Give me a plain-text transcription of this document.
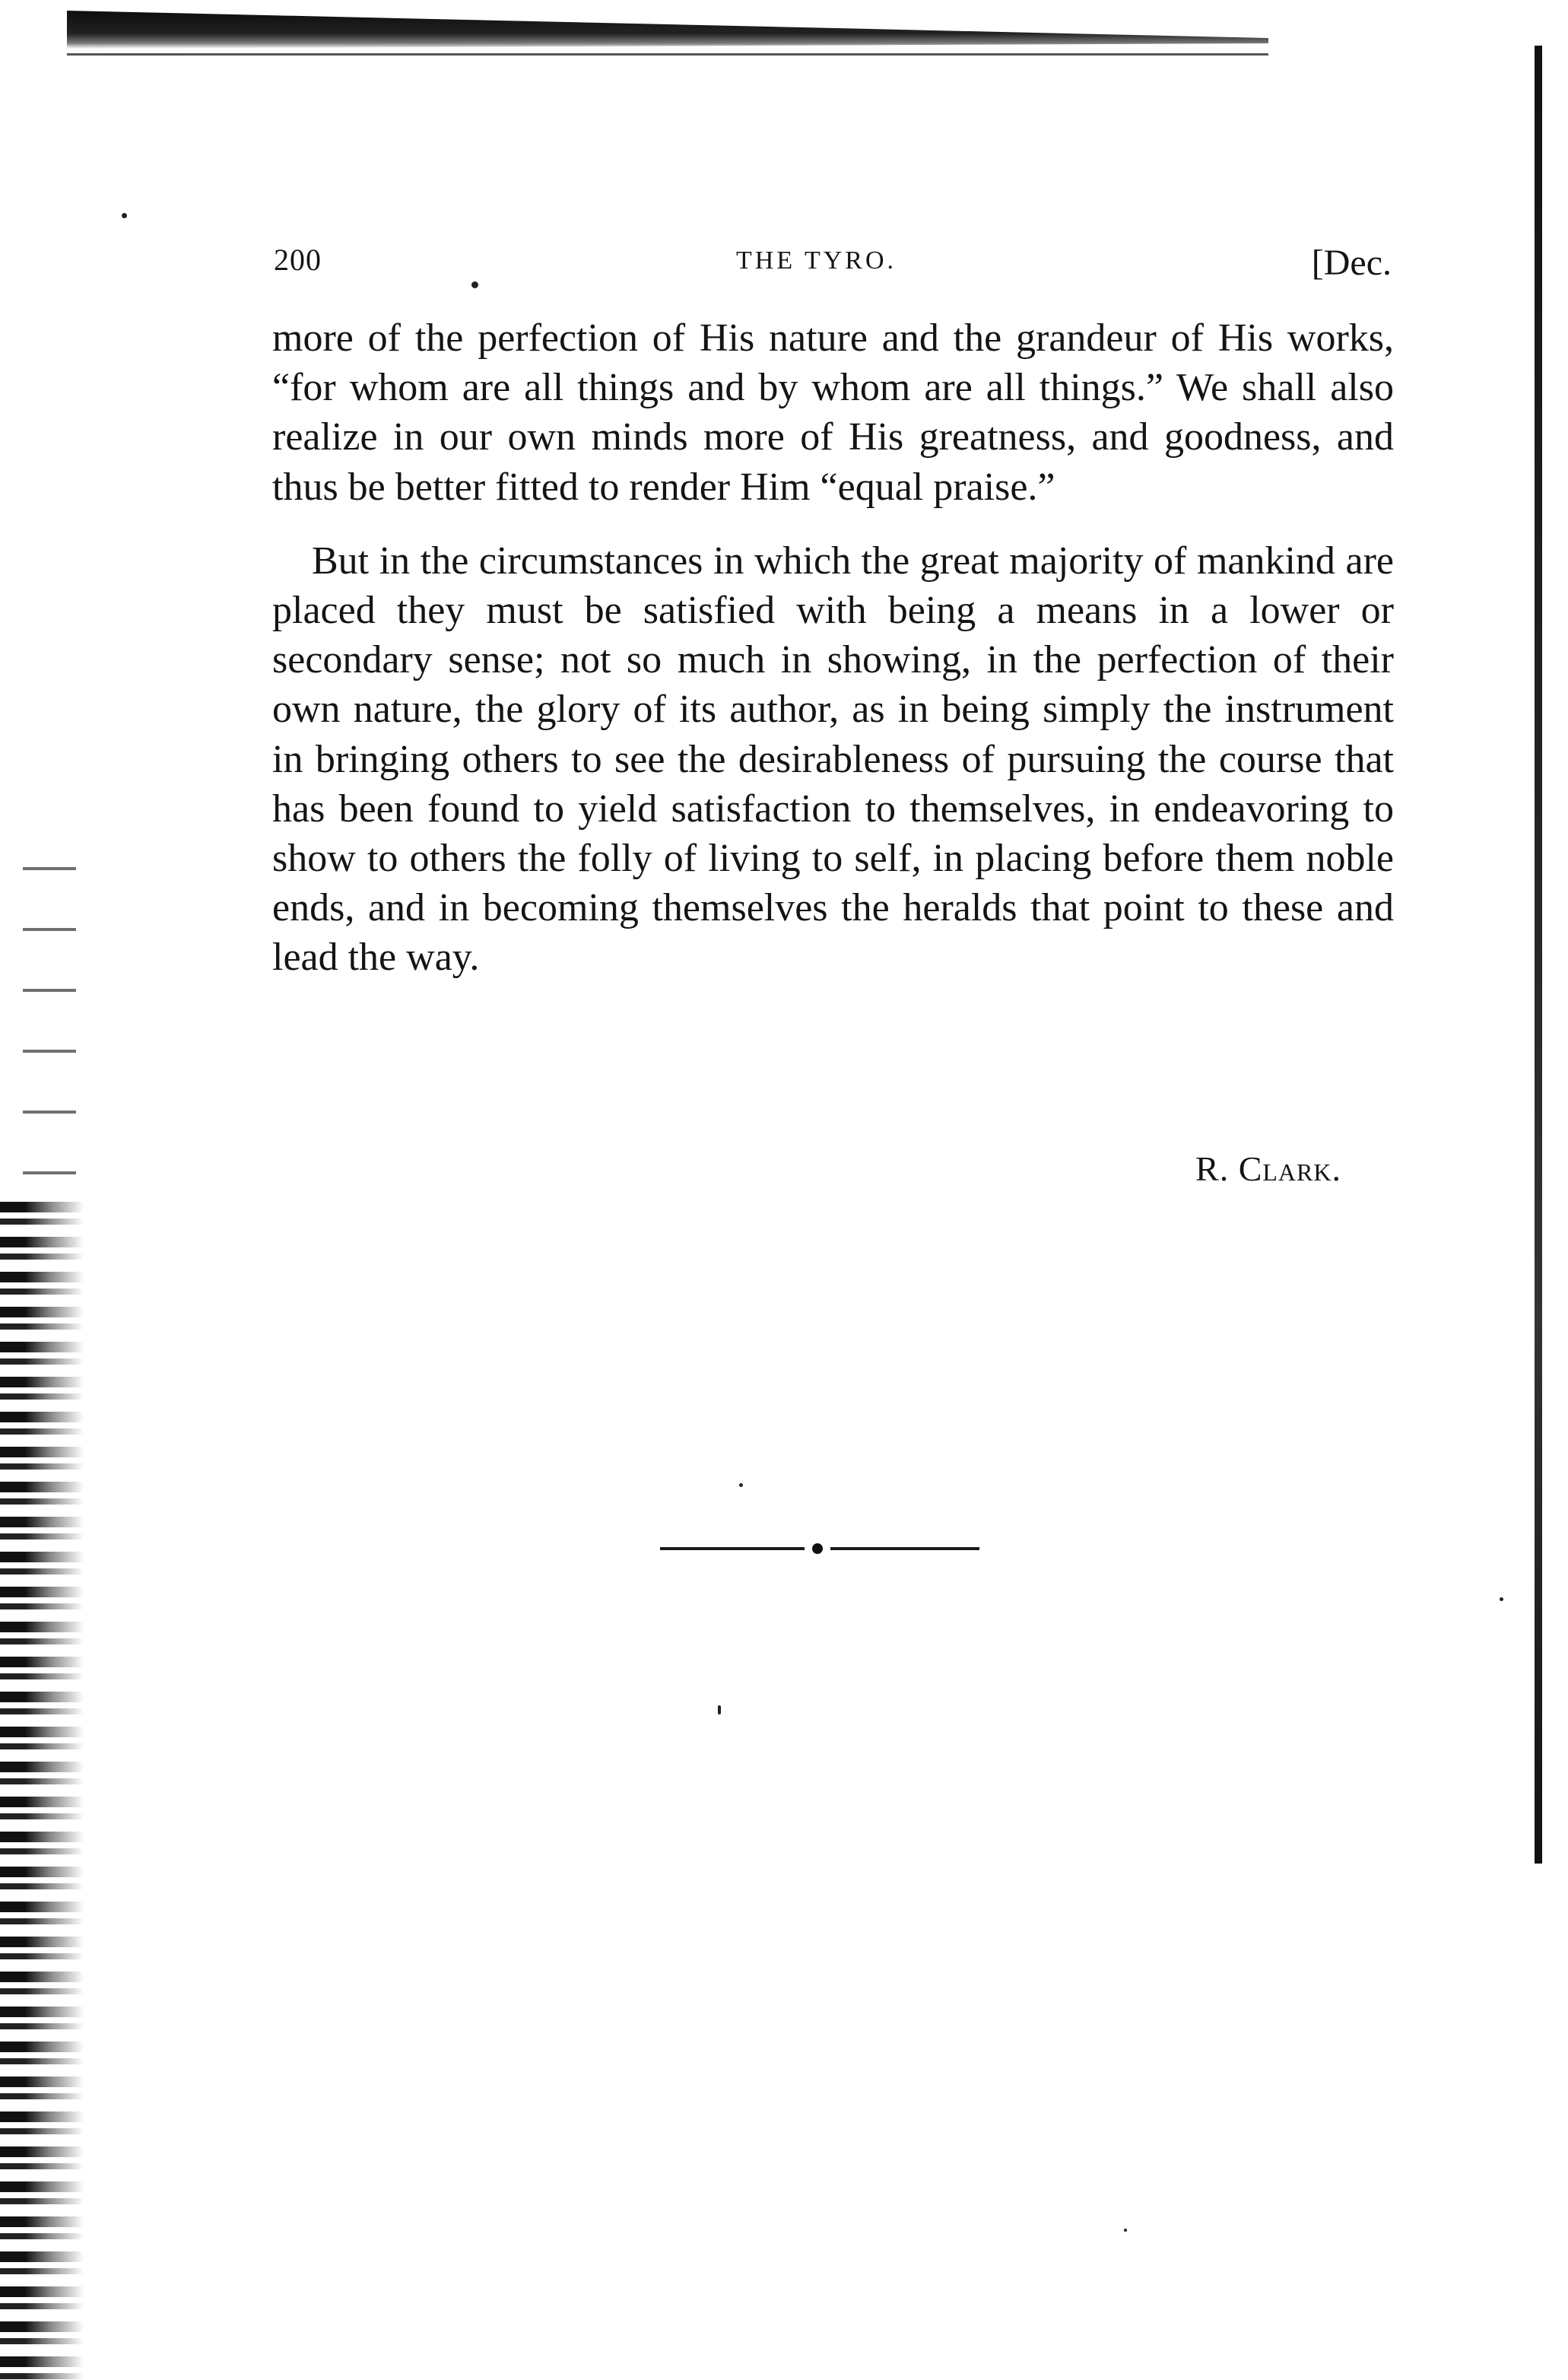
200	THE TYRO.	[Dec.

more of the perfection of His nature and the grandeur of His works, “for whom are all things and by whom are all things.” We shall also realize in our own minds more of His greatness, and goodness, and thus be better fitted to render Him “equal praise.”

But in the circumstances in which the great majority of mankind are placed they must be satisfied with being a means in a lower or secondary sense; not so much in showing, in the perfection of their own nature, the glory of its author, as in being simply the instrument in bringing others to see the desirableness of pursuing the course that has been found to yield satisfaction to themselves, in endeavoring to show to others the folly of living to self, in placing before them noble ends, and in becoming themselves the heralds that point to these and lead the way.

R. Clark.
